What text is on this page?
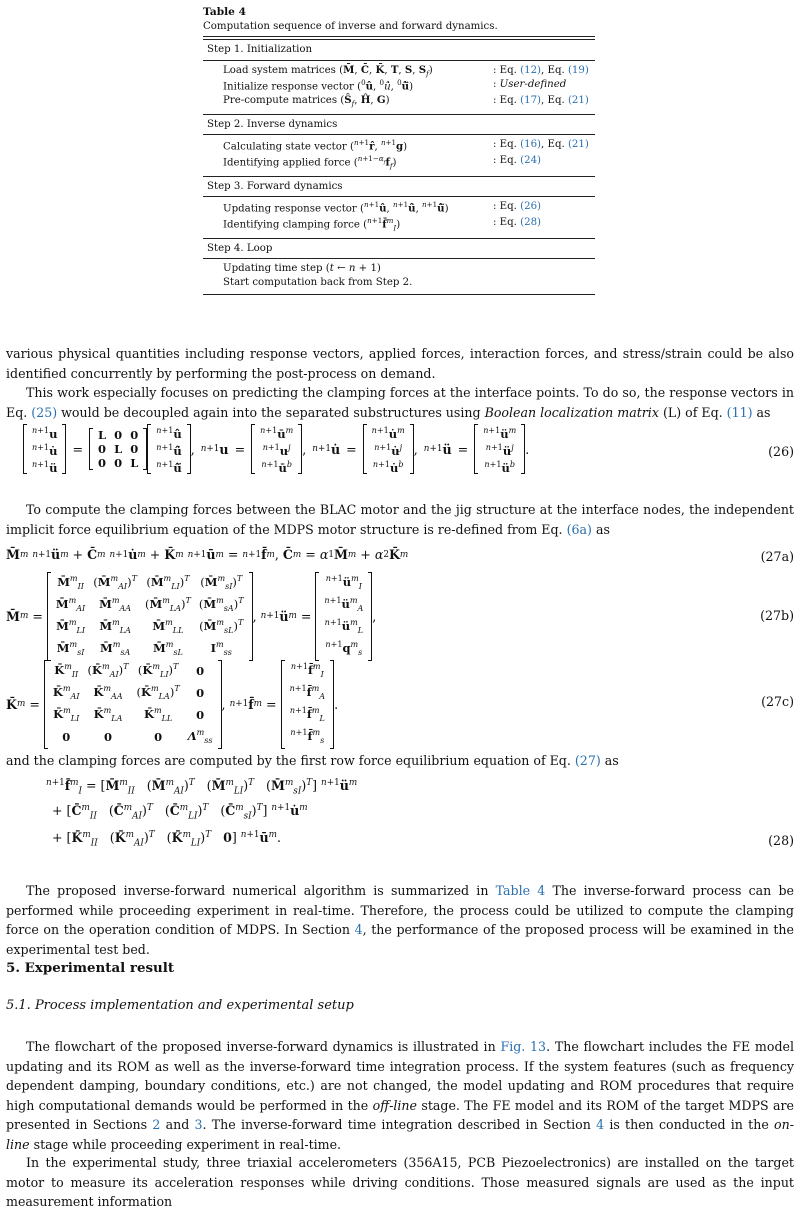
Table 4
Computation sequence of inverse and forward dynamics.
Step 1. Initialization
Load system matrices (M̄, C̄, K̄, T, S, $S_f$)	: Eq. (12), Eq. (19)
Initialize response vector ($^0$û, $^0$û̇, $^0$û̈)	: User-defined
Pre-compute matrices ($Ŝ_f$, Ĥ, G)	: Eq. (17), Eq. (21)
Step 2. Inverse dynamics
Calculating state vector ($^{n+1}$r̂, $^{n+1}$g)	: Eq. (16), Eq. (21)
Identifying applied force $(^{n+1-\alpha_f}f_f)$	: Eq. (24)
Step 3. Forward dynamics
Updating response vector ($^{n+1}$û, $^{n+1}$û̇, $^{n+1}$û̈)	: Eq. (26)
Identifying clamping force ($^{n+1}$f̄$^m_I$)	: Eq. (28)
Step 4. Loop
Updating time step (t ← n + 1)
Start computation back from Step 2.
various physical quantities including response vectors, applied forces, interaction forces, and stress/strain could be also identified concurrently by performing the post-process on demand.
This work especially focuses on predicting the clamping forces at the interface points. To do so, the response vectors in Eq. (25) would be decoupled again into the separated substructures using Boolean localization matrix (L) of Eq. (11) as
$^{n+1}$u
$^{n+1}$u̇
$^{n+1}$ü
=
L	0	0
0	L	0
0	0	L
$^{n+1}$û
$^{n+1}$û̇
$^{n+1}$û̈
, n+1 u =
$^{n+1}ū^m$
$^{n+1}u^j$
$^{n+1}ū^b$
, n+1 u̇ =
$^{n+1}$u̇$^m$
$^{n+1}$u̇$^j$
$^{n+1}$u̇$^b$
, n+1 ü =
$^{n+1}ü^m$
$^{n+1}ü^j$
$^{n+1}ü^b$
.	(26)
To compute the clamping forces between the BLAC motor and the jig structure at the interface nodes, the independent implicit force equilibrium equation of the MDPS motor structure is re-defined from Eq. (6a) as
M̄ m
n+1 ü m + C̄ m
n+1 u̇ m + K̄ m
n+1 ū m = n+1 f̄ m , C̄ m = α 1 M̄ m + α 2 K̄ m	(27a)
M̄ m =
M̄$^m_{II}$	(M̄$^m_{AI}$)$^T$	(M̄$^m_{LI}$)$^T$	(M̄$^m_{sI}$)$^T$
M̄$^m_{AI}$	M̄$^m_{AA}$	(M̄$^m_{LA}$)$^T$	(M̄$^m_{sA}$)$^T$
M̄$^m_{LI}$	M̄$^m_{LA}$	M̄$^m_{LL}$	(M̄$^m_{sL}$)$^T$
M̄$^m_{sI}$	M̄$^m_{sA}$	M̄$^m_{sL}$	$I^m_{ss}$
, n+1 ü m =
$^{n+1}ü^m_I$
$^{n+1}ü^m_A$
$^{n+1}ü^m_L$
$^{n+1}q^m_s$
,	(27b)
K̄ m =
K̄$^m_{II}$	(K̄$^m_{AI}$)$^T$	(K̄$^m_{LI}$)$^T$	0
K̄$^m_{AI}$	K̄$^m_{AA}$	(K̄$^m_{LA}$)$^T$	0
K̄$^m_{LI}$	K̄$^m_{LA}$	K̄$^m_{LL}$	0
0	0	0	$\Lambda^m_{ss}$
, n+1 f̄ m =
$^{n+1}$f̄$^m_I$
$^{n+1}$f̄$^m_A$
$^{n+1}$f̄$^m_L$
$^{n+1}$f̄$^m_s$
.	(27c)
and the clamping forces are computed by the first row force equilibrium equation of Eq. (27) as
$^{n+1}$f̄$^m_I$ = [M̄$^m_{II}$   (M̄$^m_{AI}$)$^T$   (M̄$^m_{LI}$)$^T$   (M̄$^m_{sI}$)$^T$] $^{n+1}ü^m$
+ [C̄$^m_{II}$   (C̄$^m_{AI}$)$^T$   (C̄$^m_{LI}$)$^T$   (C̄$^m_{sI}$)$^T$] $^{n+1}$u̇$^m$
+ [K̄$^m_{II}$   (K̄$^m_{AI}$)$^T$   (K̄$^m_{LI}$)$^T$ 0] $^{n+1}ū^m$.	(28)
The proposed inverse-forward numerical algorithm is summarized in Table 4 The inverse-forward process can be performed while proceeding experiment in real-time. Therefore, the process could be utilized to compute the clamping force on the operation condition of MDPS. In Section 4, the performance of the proposed process will be examined in the experimental test bed.
5. Experimental result
5.1. Process implementation and experimental setup
The flowchart of the proposed inverse-forward dynamics is illustrated in Fig. 13. The flowchart includes the FE model updating and its ROM as well as the inverse-forward time integration process. If the system features (such as frequency dependent damping, boundary conditions, etc.) are not changed, the model updating and ROM procedures that require high computational demands would be performed in the off-line stage. The FE model and its ROM of the target MDPS are presented in Sections 2 and 3. The inverse-forward time integration described in Section 4 is then conducted in the on-line stage while proceeding experiment in real-time.
In the experimental study, three triaxial accelerometers (356A15, PCB Piezoelectronics) are installed on the target motor to measure its acceleration responses while driving conditions. Those measured signals are used as the input measurement information
